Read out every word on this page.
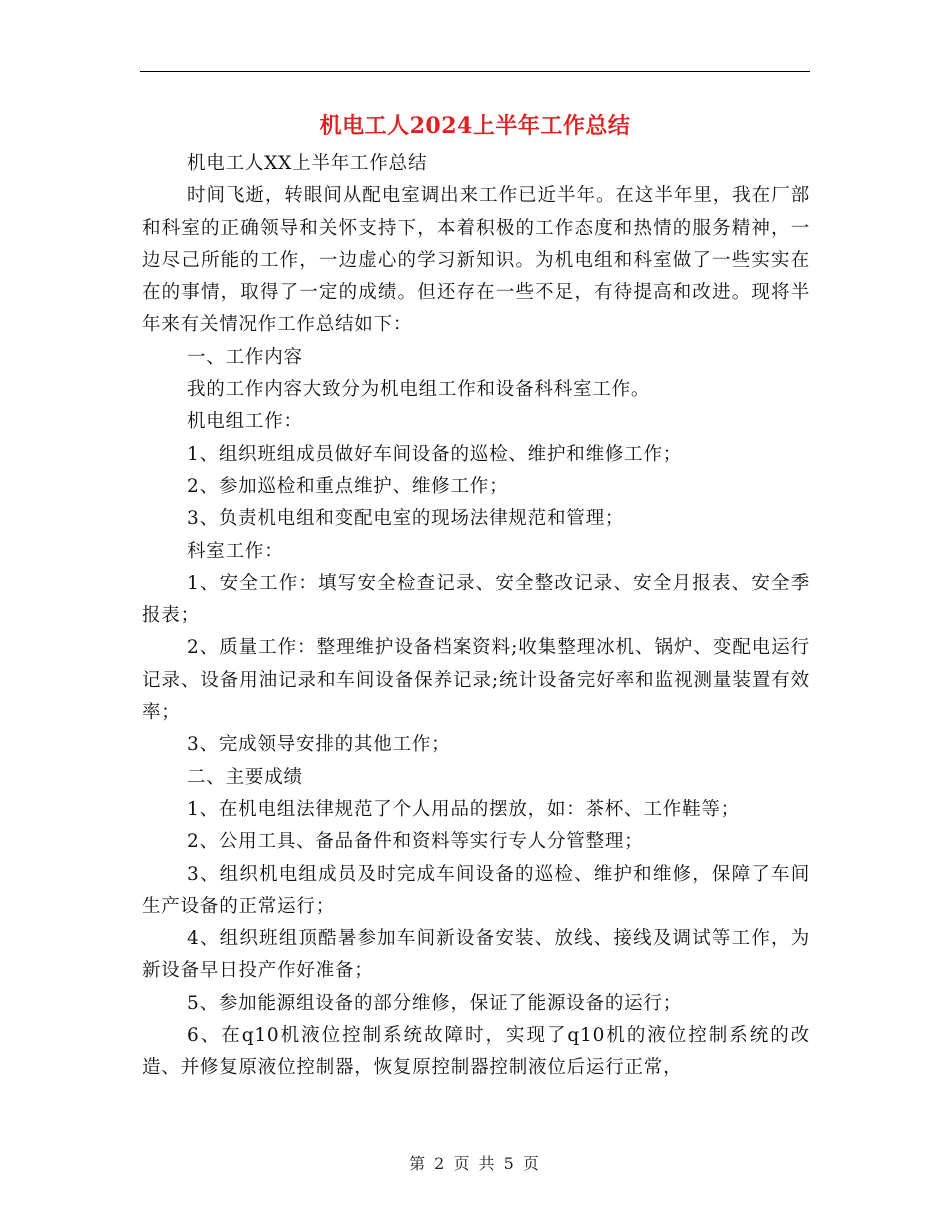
机电工人2024上半年工作总结

机电工人XX上半年工作总结

时间飞逝，转眼间从配电室调出来工作已近半年。在这半年里，我在厂部和科室的正确领导和关怀支持下，本着积极的工作态度和热情的服务精神，一边尽己所能的工作，一边虚心的学习新知识。为机电组和科室做了一些实实在在的事情，取得了一定的成绩。但还存在一些不足，有待提高和改进。现将半年来有关情况作工作总结如下：

一、工作内容

我的工作内容大致分为机电组工作和设备科科室工作。

机电组工作：

1、组织班组成员做好车间设备的巡检、维护和维修工作；

2、参加巡检和重点维护、维修工作；

3、负责机电组和变配电室的现场法律规范和管理；

科室工作：

1、安全工作：填写安全检查记录、安全整改记录、安全月报表、安全季报表；

2、质量工作：整理维护设备档案资料;收集整理冰机、锅炉、变配电运行记录、设备用油记录和车间设备保养记录;统计设备完好率和监视测量装置有效率；

3、完成领导安排的其他工作；

二、主要成绩

1、在机电组法律规范了个人用品的摆放，如：茶杯、工作鞋等；

2、公用工具、备品备件和资料等实行专人分管整理；

3、组织机电组成员及时完成车间设备的巡检、维护和维修，保障了车间生产设备的正常运行；

4、组织班组顶酷暑参加车间新设备安装、放线、接线及调试等工作，为新设备早日投产作好准备；

5、参加能源组设备的部分维修，保证了能源设备的运行；

6、在q10机液位控制系统故障时，实现了q10机的液位控制系统的改造、并修复原液位控制器，恢复原控制器控制液位后运行正常，

第 2 页 共 5 页
